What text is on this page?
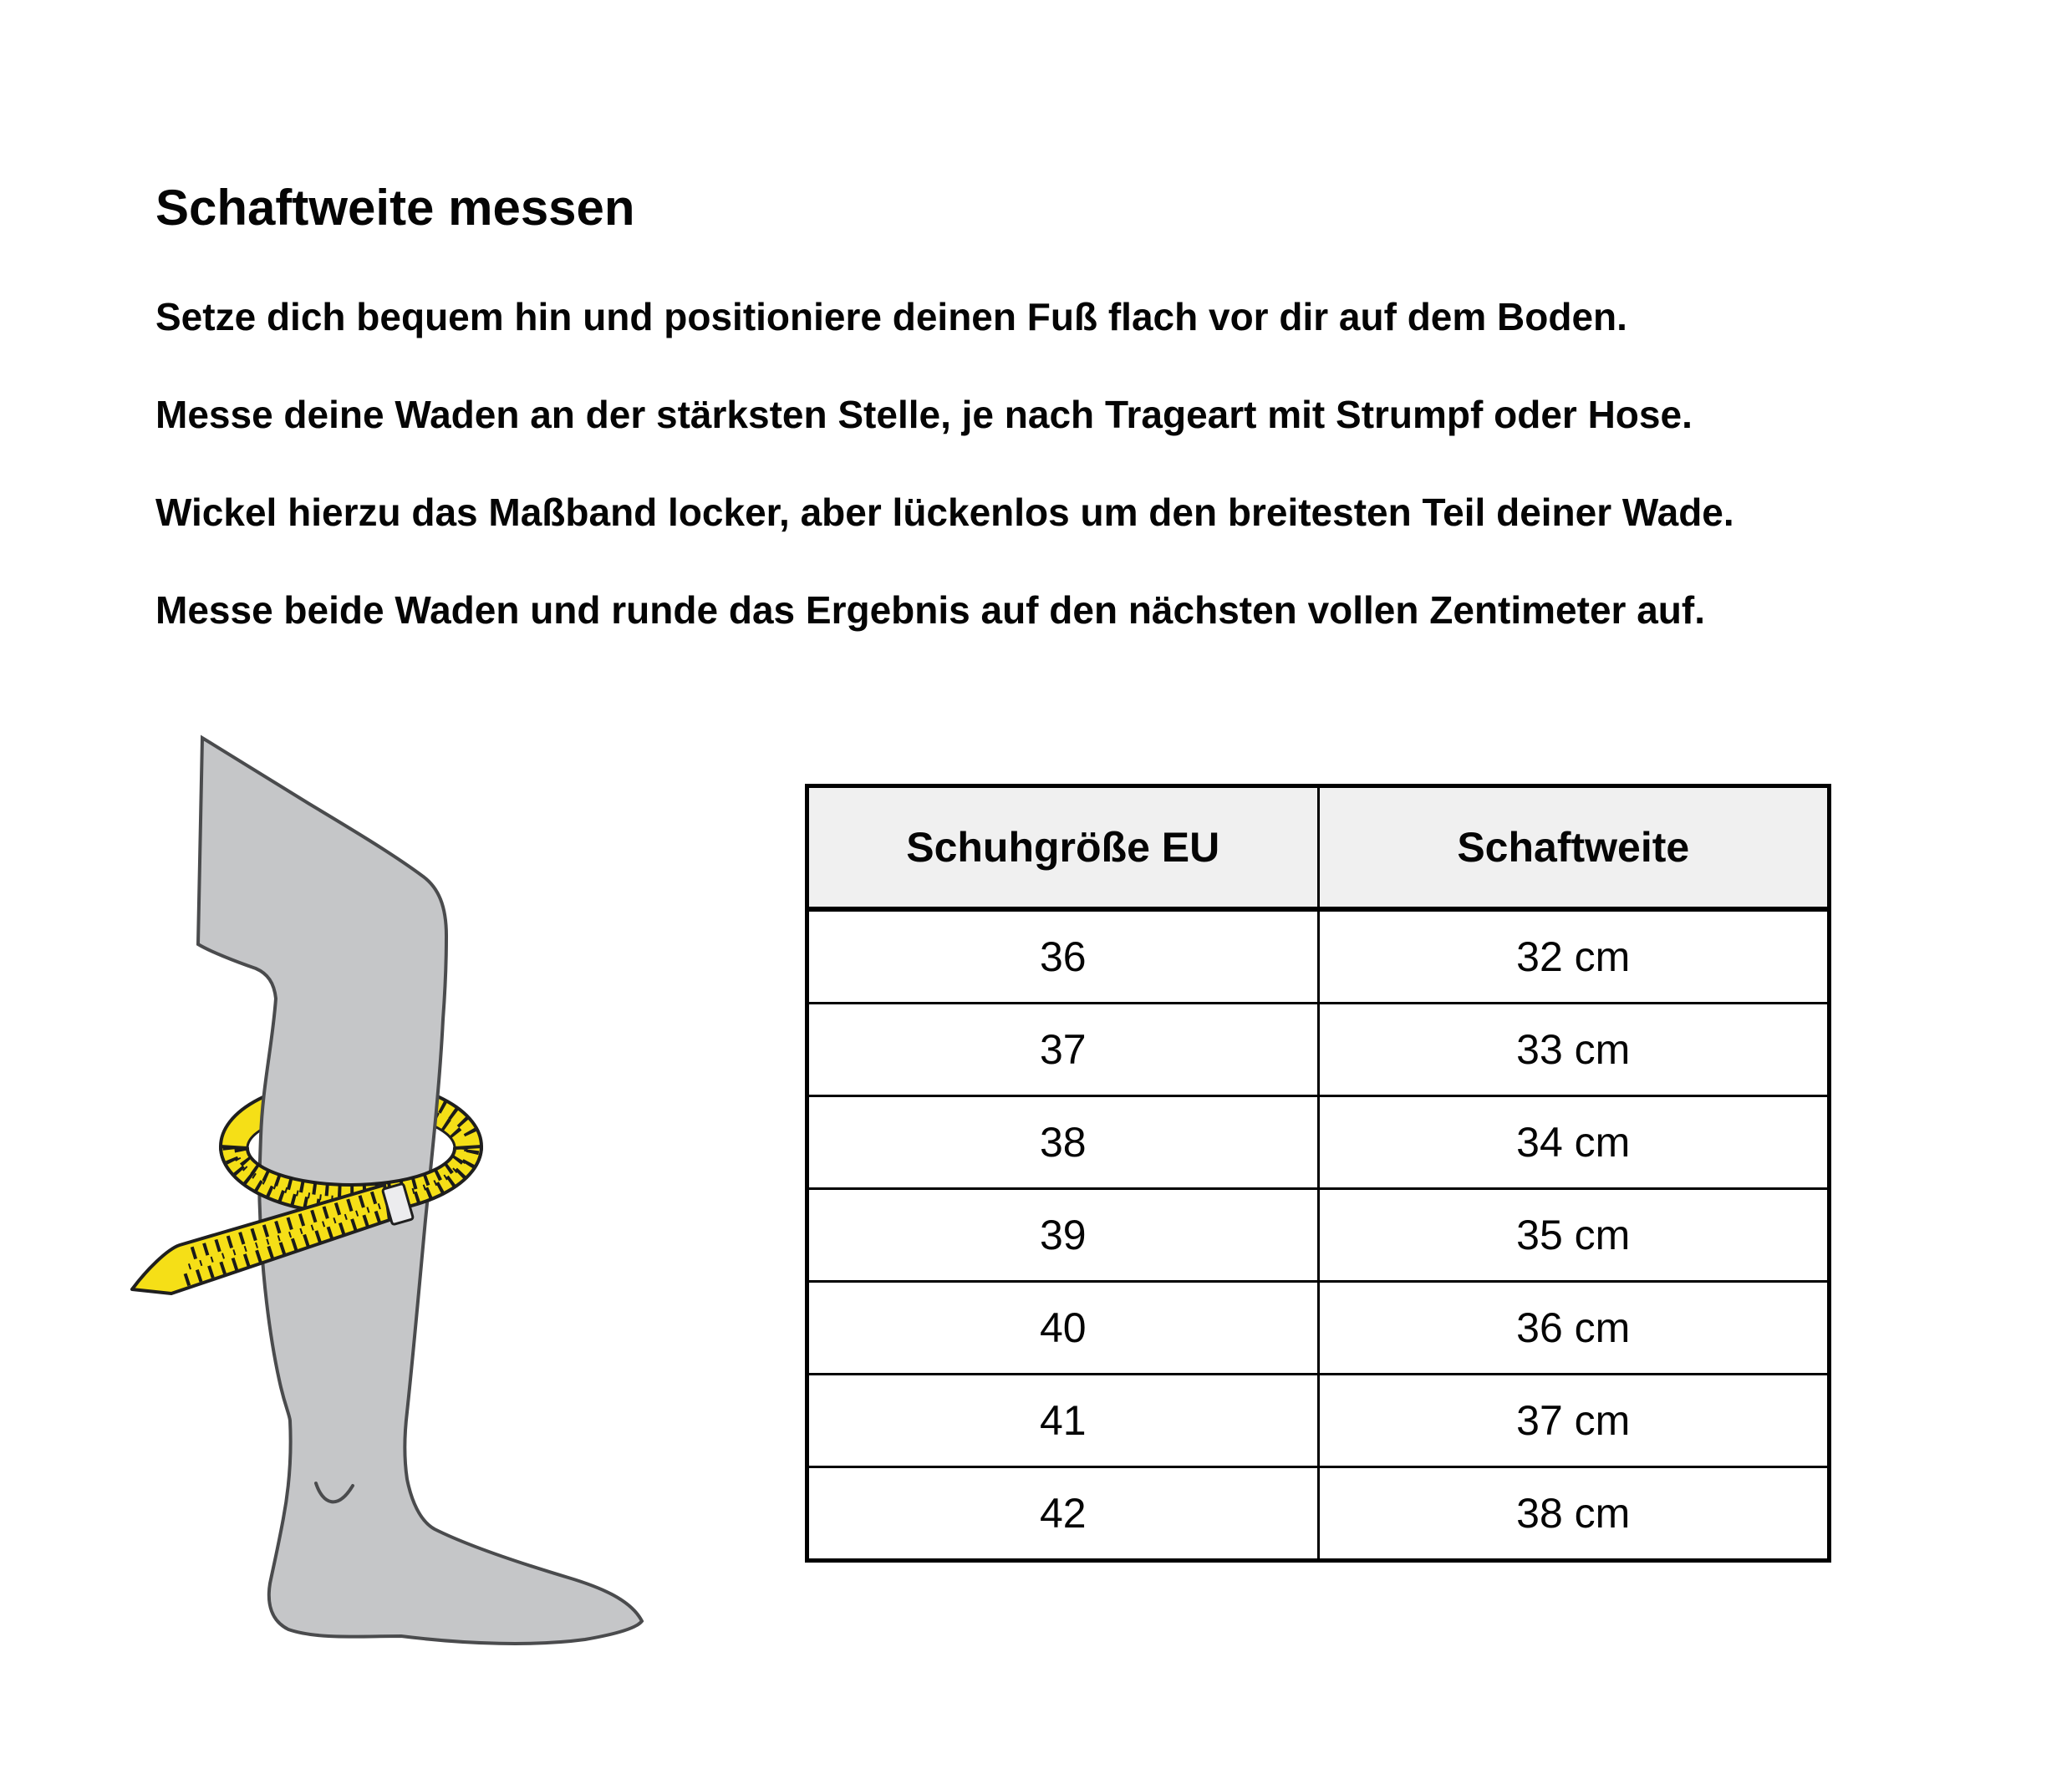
Schaftweite messen

Setze dich bequem hin und positioniere deinen Fuß flach vor dir auf dem Boden.

Messe deine Waden an der stärksten Stelle, je nach Trageart mit Strumpf oder Hose.

Wickel hierzu das Maßband locker, aber lückenlos um den breitesten Teil deiner Wade.

Messe beide Waden und runde das Ergebnis auf den nächsten vollen Zentimeter auf.

Schuhgröße EU	Schaftweite
36	32 cm
37	33 cm
38	34 cm
39	35 cm
40	36 cm
41	37 cm
42	38 cm
